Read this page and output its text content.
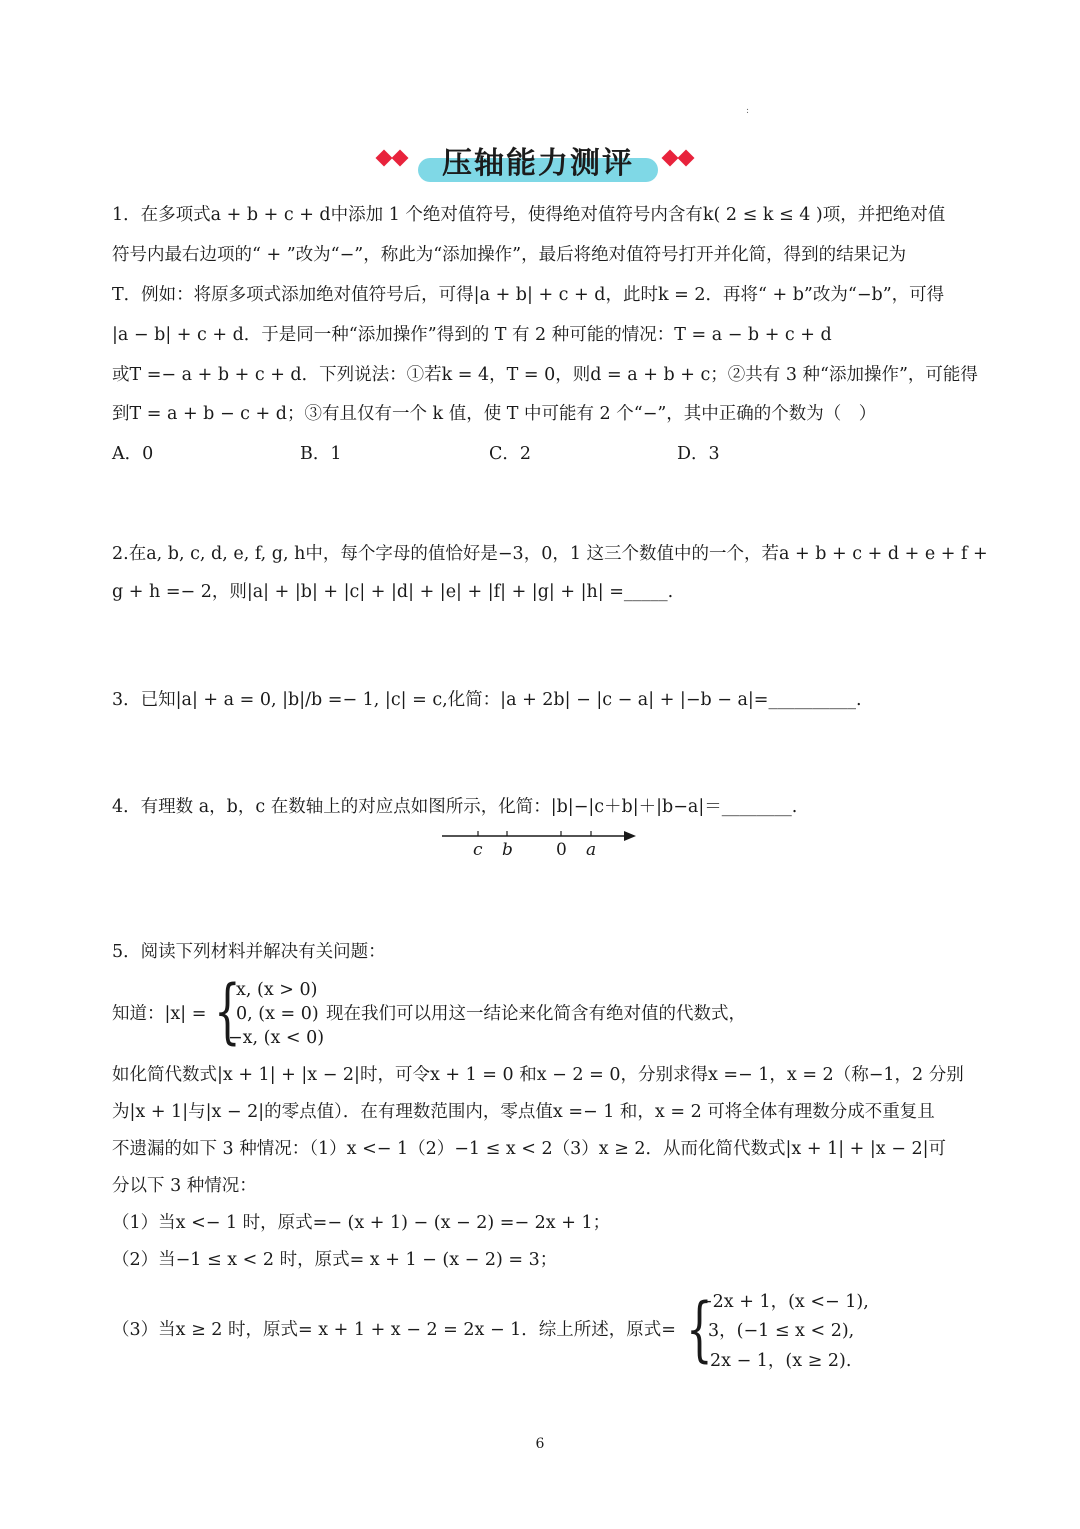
:
压轴能力测评
1．在多项式a + b + c + d中添加 1 个绝对值符号，使得绝对值符号内含有k( 2 ≤ k ≤ 4 )项，并把绝对值
符号内最右边项的“ + ”改为“−”，称此为“添加操作”，最后将绝对值符号打开并化简，得到的结果记为
T．例如：将原多项式添加绝对值符号后，可得|a + b| + c + d，此时k = 2．再将“ + b”改为“−b”，可得
|a − b| + c + d．于是同一种“添加操作”得到的 T 有 2 种可能的情况：T = a − b + c + d
或T =− a + b + c + d．下列说法：①若k = 4，T = 0，则d = a + b + c；②共有 3 种“添加操作”，可能得
到T = a + b − c + d；③有且仅有一个 k 值，使 T 中可能有 2 个“−”，其中正确的个数为（　）
A．0	B．1	C．2	D．3
2.在a, b, c, d, e, f, g, h中，每个字母的值恰好是−3，0，1 这三个数值中的一个，若a + b + c + d + e + f +
g + h =− 2，则|a| + |b| + |c| + |d| + |e| + |f| + |g| + |h| =_____.
3．已知|a| + a = 0, |b|/b =− 1, |c| = c,化简：|a + 2b| − |c − a| + |−b − a|=__________.
4．有理数 a，b，c 在数轴上的对应点如图所示，化简：|b|−|c＋b|＋|b−a|＝________.
c b	0 a
5．阅读下列材料并解决有关问题：
知道：|x| = {
x, (x > 0)
0, (x = 0)
−x, (x < 0)
现在我们可以用这一结论来化简含有绝对值的代数式，
如化简代数式|x + 1| + |x − 2|时，可令x + 1 = 0 和x − 2 = 0，分别求得x =− 1，x = 2（称−1，2 分别
为|x + 1|与|x − 2|的零点值）．在有理数范围内，零点值x =− 1 和，x = 2 可将全体有理数分成不重复且
不遗漏的如下 3 种情况：（1）x <− 1（2）−1 ≤ x < 2（3）x ≥ 2．从而化简代数式|x + 1| + |x − 2|可
分以下 3 种情况：
（1）当x <− 1 时，原式=− (x + 1) − (x − 2) =− 2x + 1；
（2）当−1 ≤ x < 2 时，原式= x + 1 − (x − 2) = 3；
（3）当x ≥ 2 时，原式= x + 1 + x − 2 = 2x − 1．综上所述，原式= {
−2x + 1，(x <− 1),
3，(−1 ≤ x < 2),
2x − 1，(x ≥ 2).
6
